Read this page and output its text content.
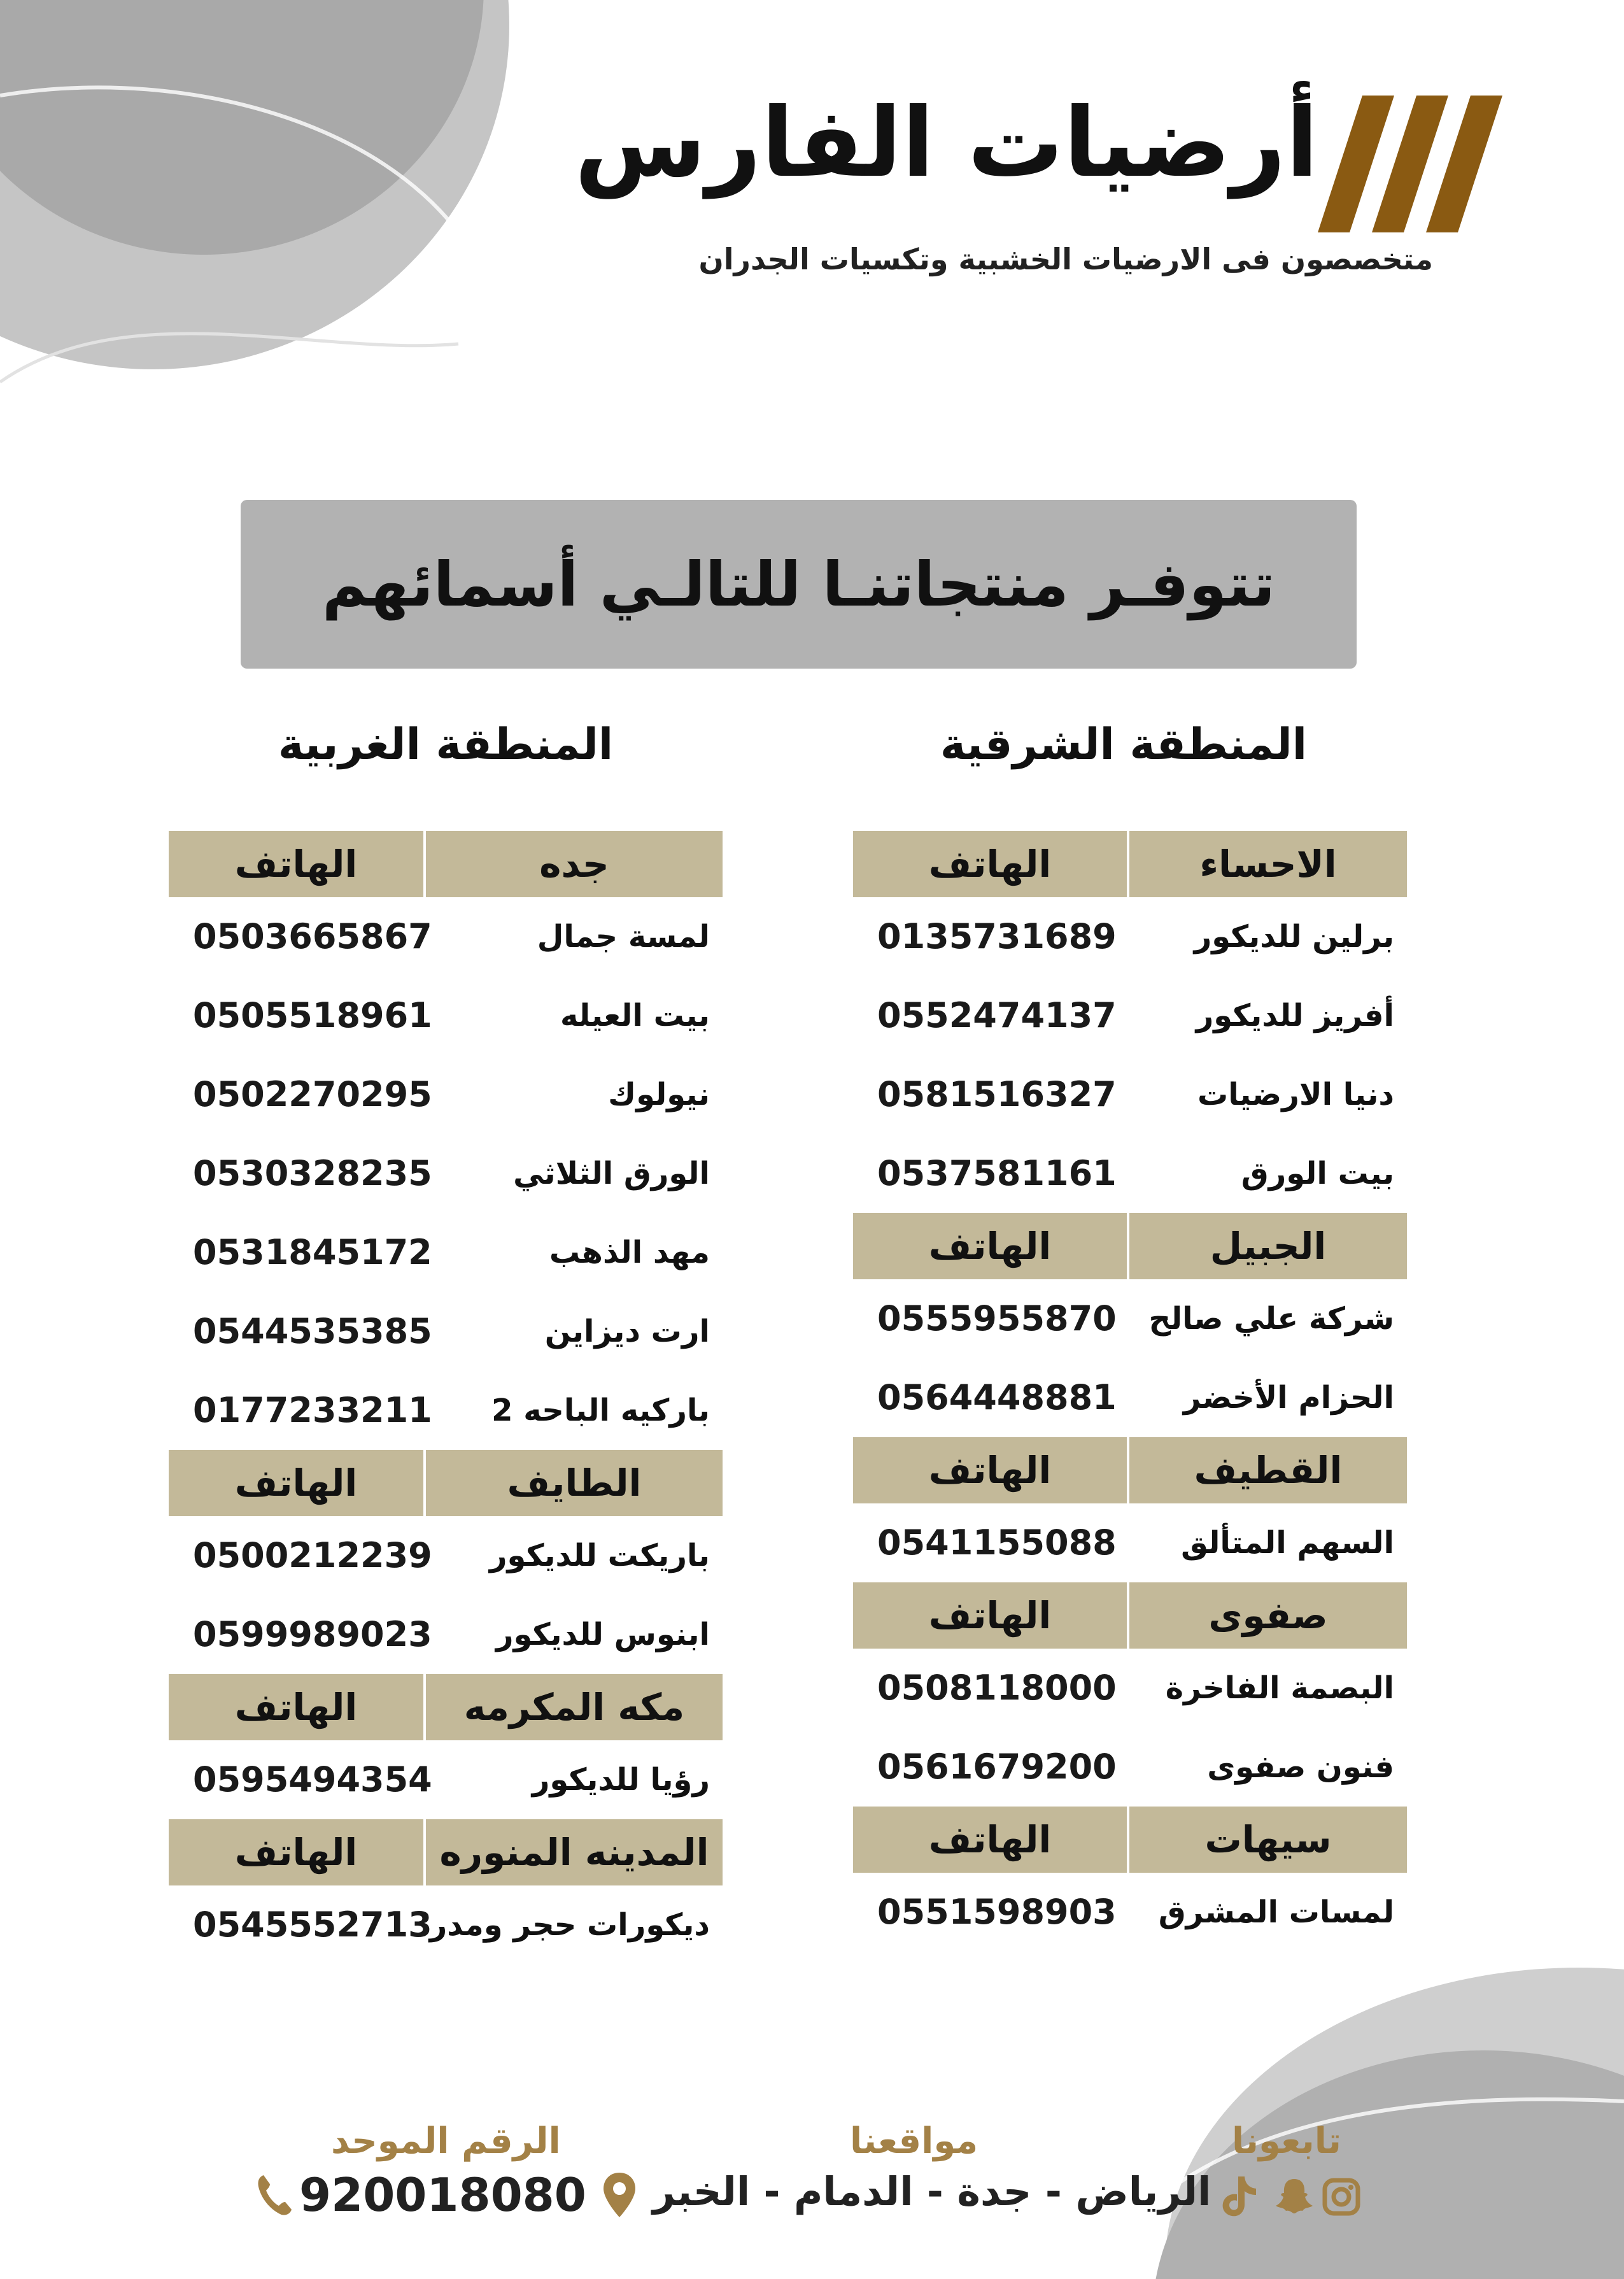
أرضيات الفارس
متخصصون فى الارضيات الخشبية وتكسيات الجدران
تتوفـر منتجاتنـا للتالـي أسمائهم
المنطقة الشرقية
المنطقة الغربية
الاحساء
الهاتف
برلين للديكور
0135731689
أفريز للديكور
0552474137
دنيا الارضيات
0581516327
بيت الورق
0537581161
الجبيل
الهاتف
شركة علي صالح
0555955870
الحزام الأخضر
0564448881
القطيف
الهاتف
السهم المتألق
0541155088
صفوى
الهاتف
البصمة الفاخرة
0508118000
فنون صفوى
0561679200
سيهات
الهاتف
لمسات المشرق
0551598903
جده
الهاتف
لمسة جمال
0503665867
بيت العيله
0505518961
نيولوك
0502270295
الورق الثلاثي
0530328235
مهد الذهب
0531845172
ارت ديزاين
0544535385
باركيه الباحه 2
0177233211
الطايف
الهاتف
باريكت للديكور
0500212239
ابنوس للديكور
0599989023
مكه المكرمه
الهاتف
رؤيا للديكور
0595494354
المدينه المنوره
الهاتف
ديكورات حجر ومدر
0545552713
تابعونا
مواقعنا
الرياض - جدة - الدمام - الخبر
الرقم الموحد
920018080
